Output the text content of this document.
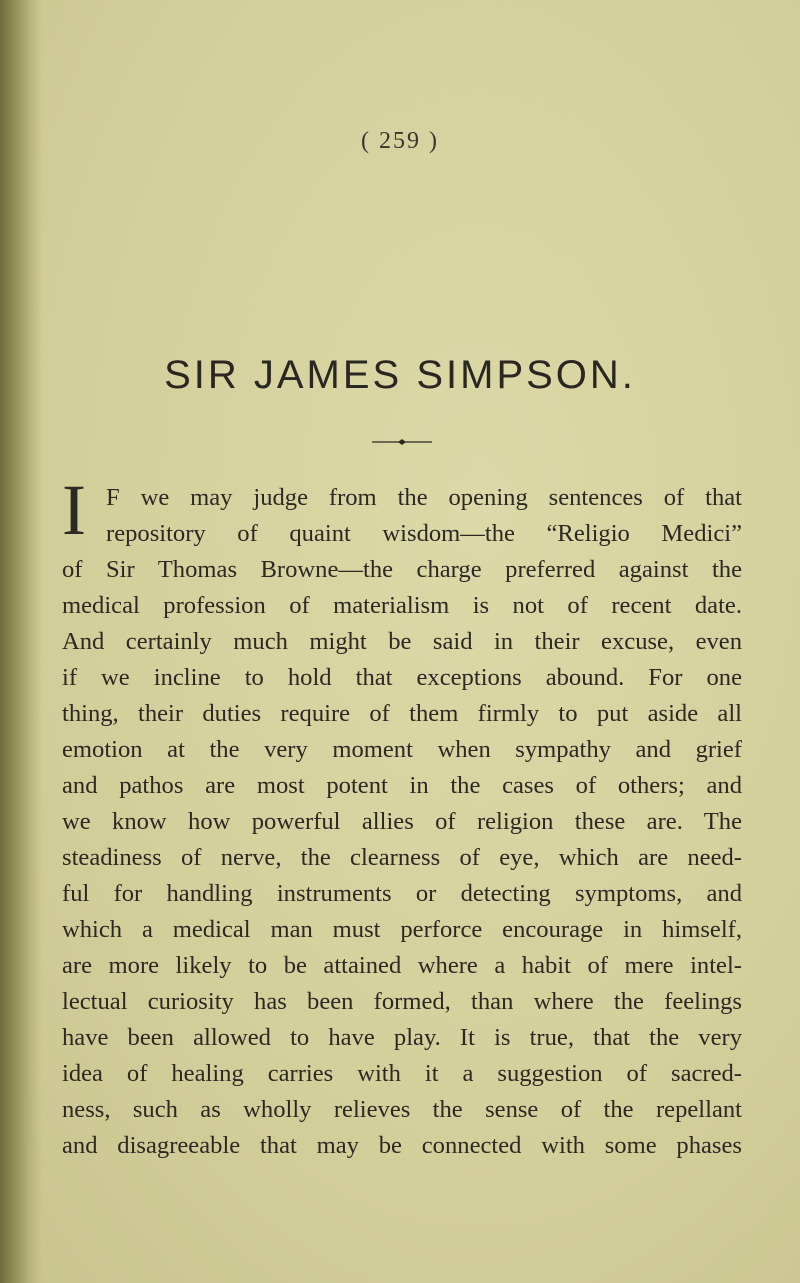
( 259 )
SIR JAMES SIMPSON.
I F we may judge from the opening sentences of that
repository of quaint wisdom—the “Religio Medici”
of Sir Thomas Browne—the charge preferred against the
medical profession of materialism is not of recent date.
And certainly much might be said in their excuse, even
if we incline to hold that exceptions abound. For one
thing, their duties require of them firmly to put aside all
emotion at the very moment when sympathy and grief
and pathos are most potent in the cases of others; and
we know how powerful allies of religion these are. The
steadiness of nerve, the clearness of eye, which are need-
ful for handling instruments or detecting symptoms, and
which a medical man must perforce encourage in himself,
are more likely to be attained where a habit of mere intel-
lectual curiosity has been formed, than where the feelings
have been allowed to have play. It is true, that the very
idea of healing carries with it a suggestion of sacred-
ness, such as wholly relieves the sense of the repellant
and disagreeable that may be connected with some phases
